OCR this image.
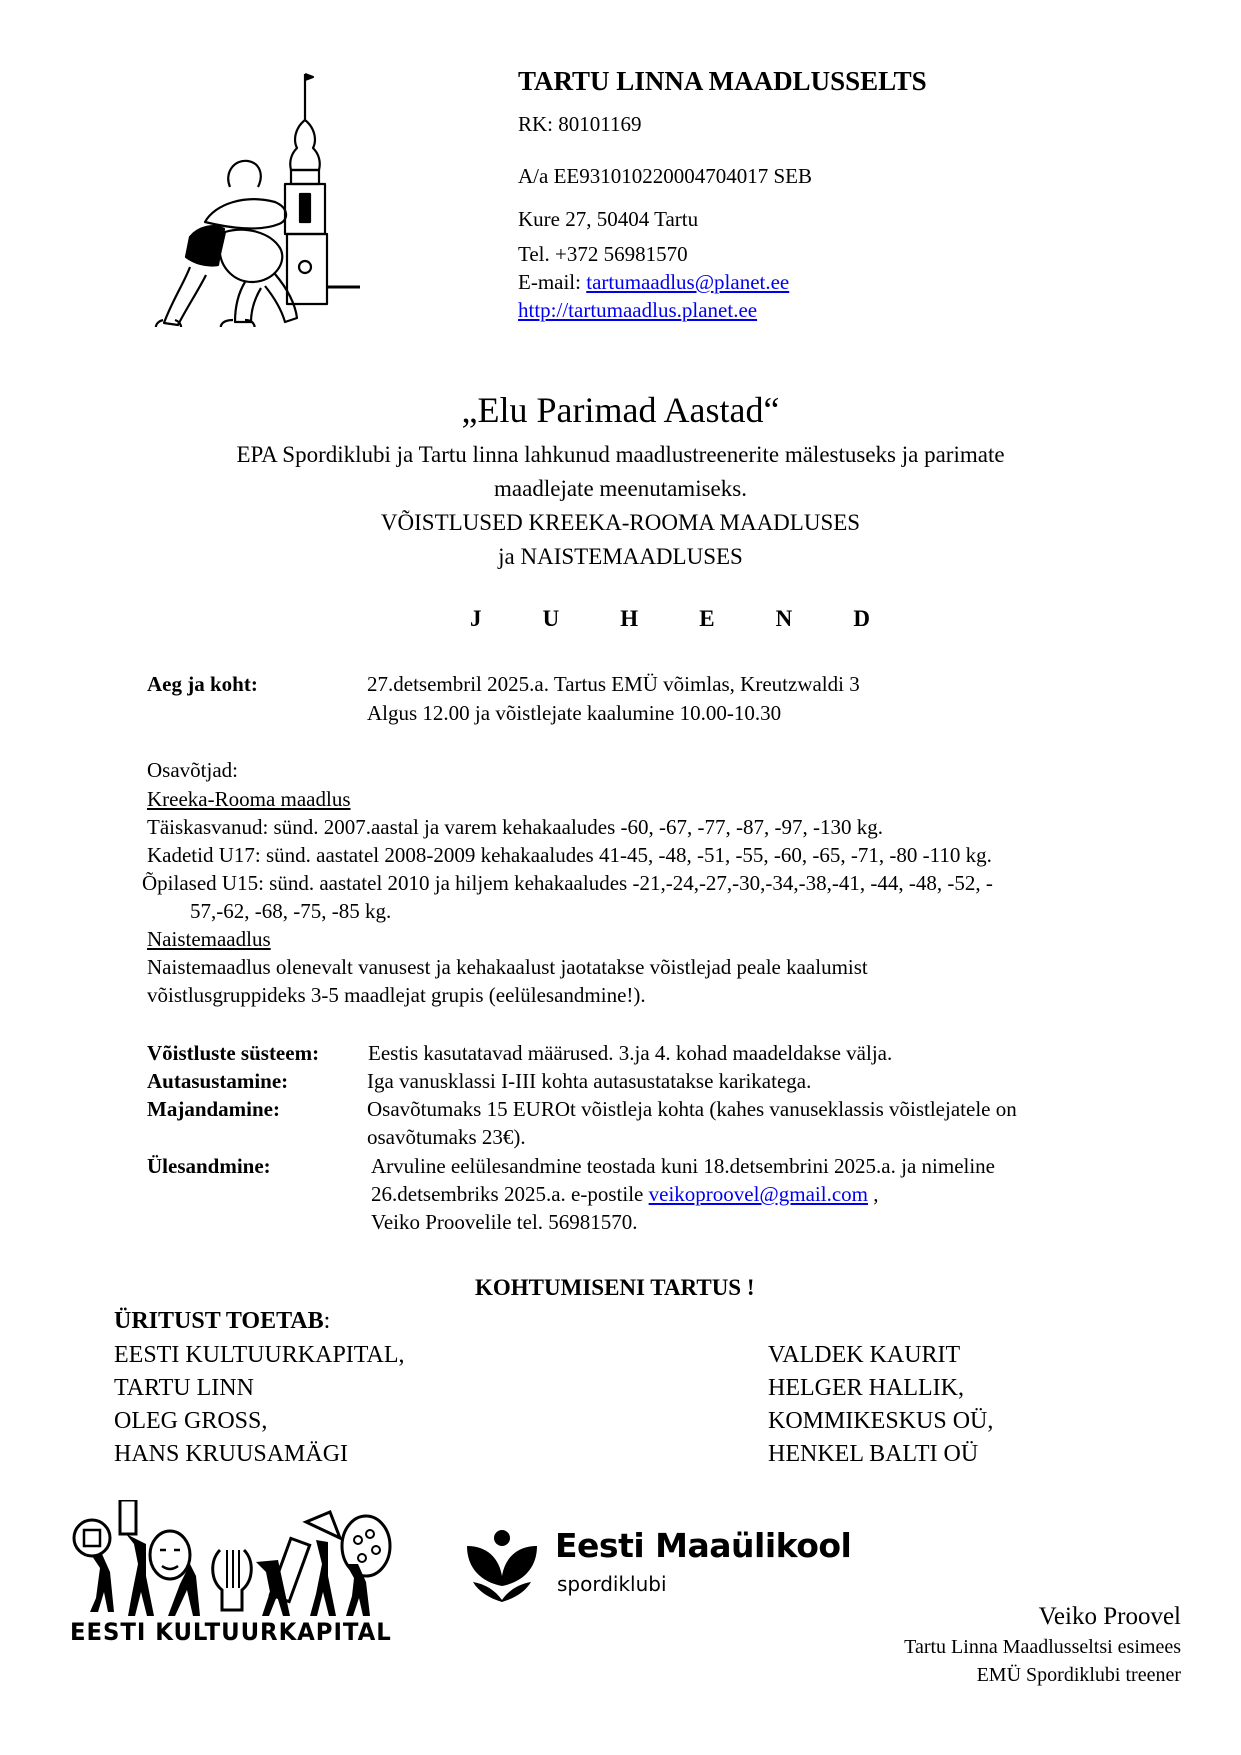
TARTU LINNA MAADLUSSELTS
RK: 80101169
A/a EE931010220004704017 SEB
Kure 27, 50404 Tartu
Tel. +372 56981570
E-mail: tartumaadlus@planet.ee
http://tartumaadlus.planet.ee
„Elu Parimad Aastad“
EPA Spordiklubi ja Tartu linna lahkunud maadlustreenerite mälestuseks ja parimate
maadlejate meenutamiseks.
VÕISTLUSED KREEKA-ROOMA MAADLUSES
ja NAISTEMAADLUSES
J	U	H	E	N	D
Aeg ja koht:	27.detsembril 2025.a. Tartus EMÜ võimlas, Kreutzwaldi 3
Algus 12.00 ja võistlejate kaalumine 10.00-10.30
Osavõtjad:
Kreeka-Rooma maadlus
Täiskasvanud: sünd. 2007.aastal ja varem kehakaaludes -60, -67, -77, -87, -97, -130 kg.
Kadetid U17: sünd. aastatel 2008-2009 kehakaaludes 41-45, -48, -51, -55, -60, -65, -71, -80 -110 kg.
Õpilased U15: sünd. aastatel 2010 ja hiljem kehakaaludes -21,-24,-27,-30,-34,-38,-41, -44, -48, -52, -
57,-62, -68, -75, -85 kg.
Naistemaadlus
Naistemaadlus olenevalt vanusest ja kehakaalust jaotatakse võistlejad peale kaalumist
võistlusgruppideks 3-5 maadlejat grupis (eelülesandmine!).
Võistluste süsteem: Eestis kasutatavad määrused. 3.ja 4. kohad maadeldakse välja.
Autasustamine:	Iga vanusklassi I-III kohta autasustatakse karikatega.
Majandamine:	Osavõtumaks 15 EUROt võistleja kohta (kahes vanuseklassis võistlejatele on
osavõtumaks 23€).
Ülesandmine:	Arvuline eelülesandmine teostada kuni 18.detsembrini 2025.a. ja nimeline
26.detsembriks 2025.a. e-postile veikoproovel@gmail.com ,
Veiko Proovelile tel. 56981570.
KOHTUMISENI TARTUS !
ÜRITUST TOETAB:
EESTI KULTUURKAPITAL,
TARTU LINN
OLEG GROSS,
HANS KRUUSAMÄGI
VALDEK KAURIT
HELGER HALLIK,
KOMMIKESKUS OÜ,
HENKEL BALTI OÜ
EESTI KULTUURKAPITAL
Eesti Maaülikool
spordiklubi
Veiko Proovel
Tartu Linna Maadlusseltsi esimees
EMÜ Spordiklubi treener
